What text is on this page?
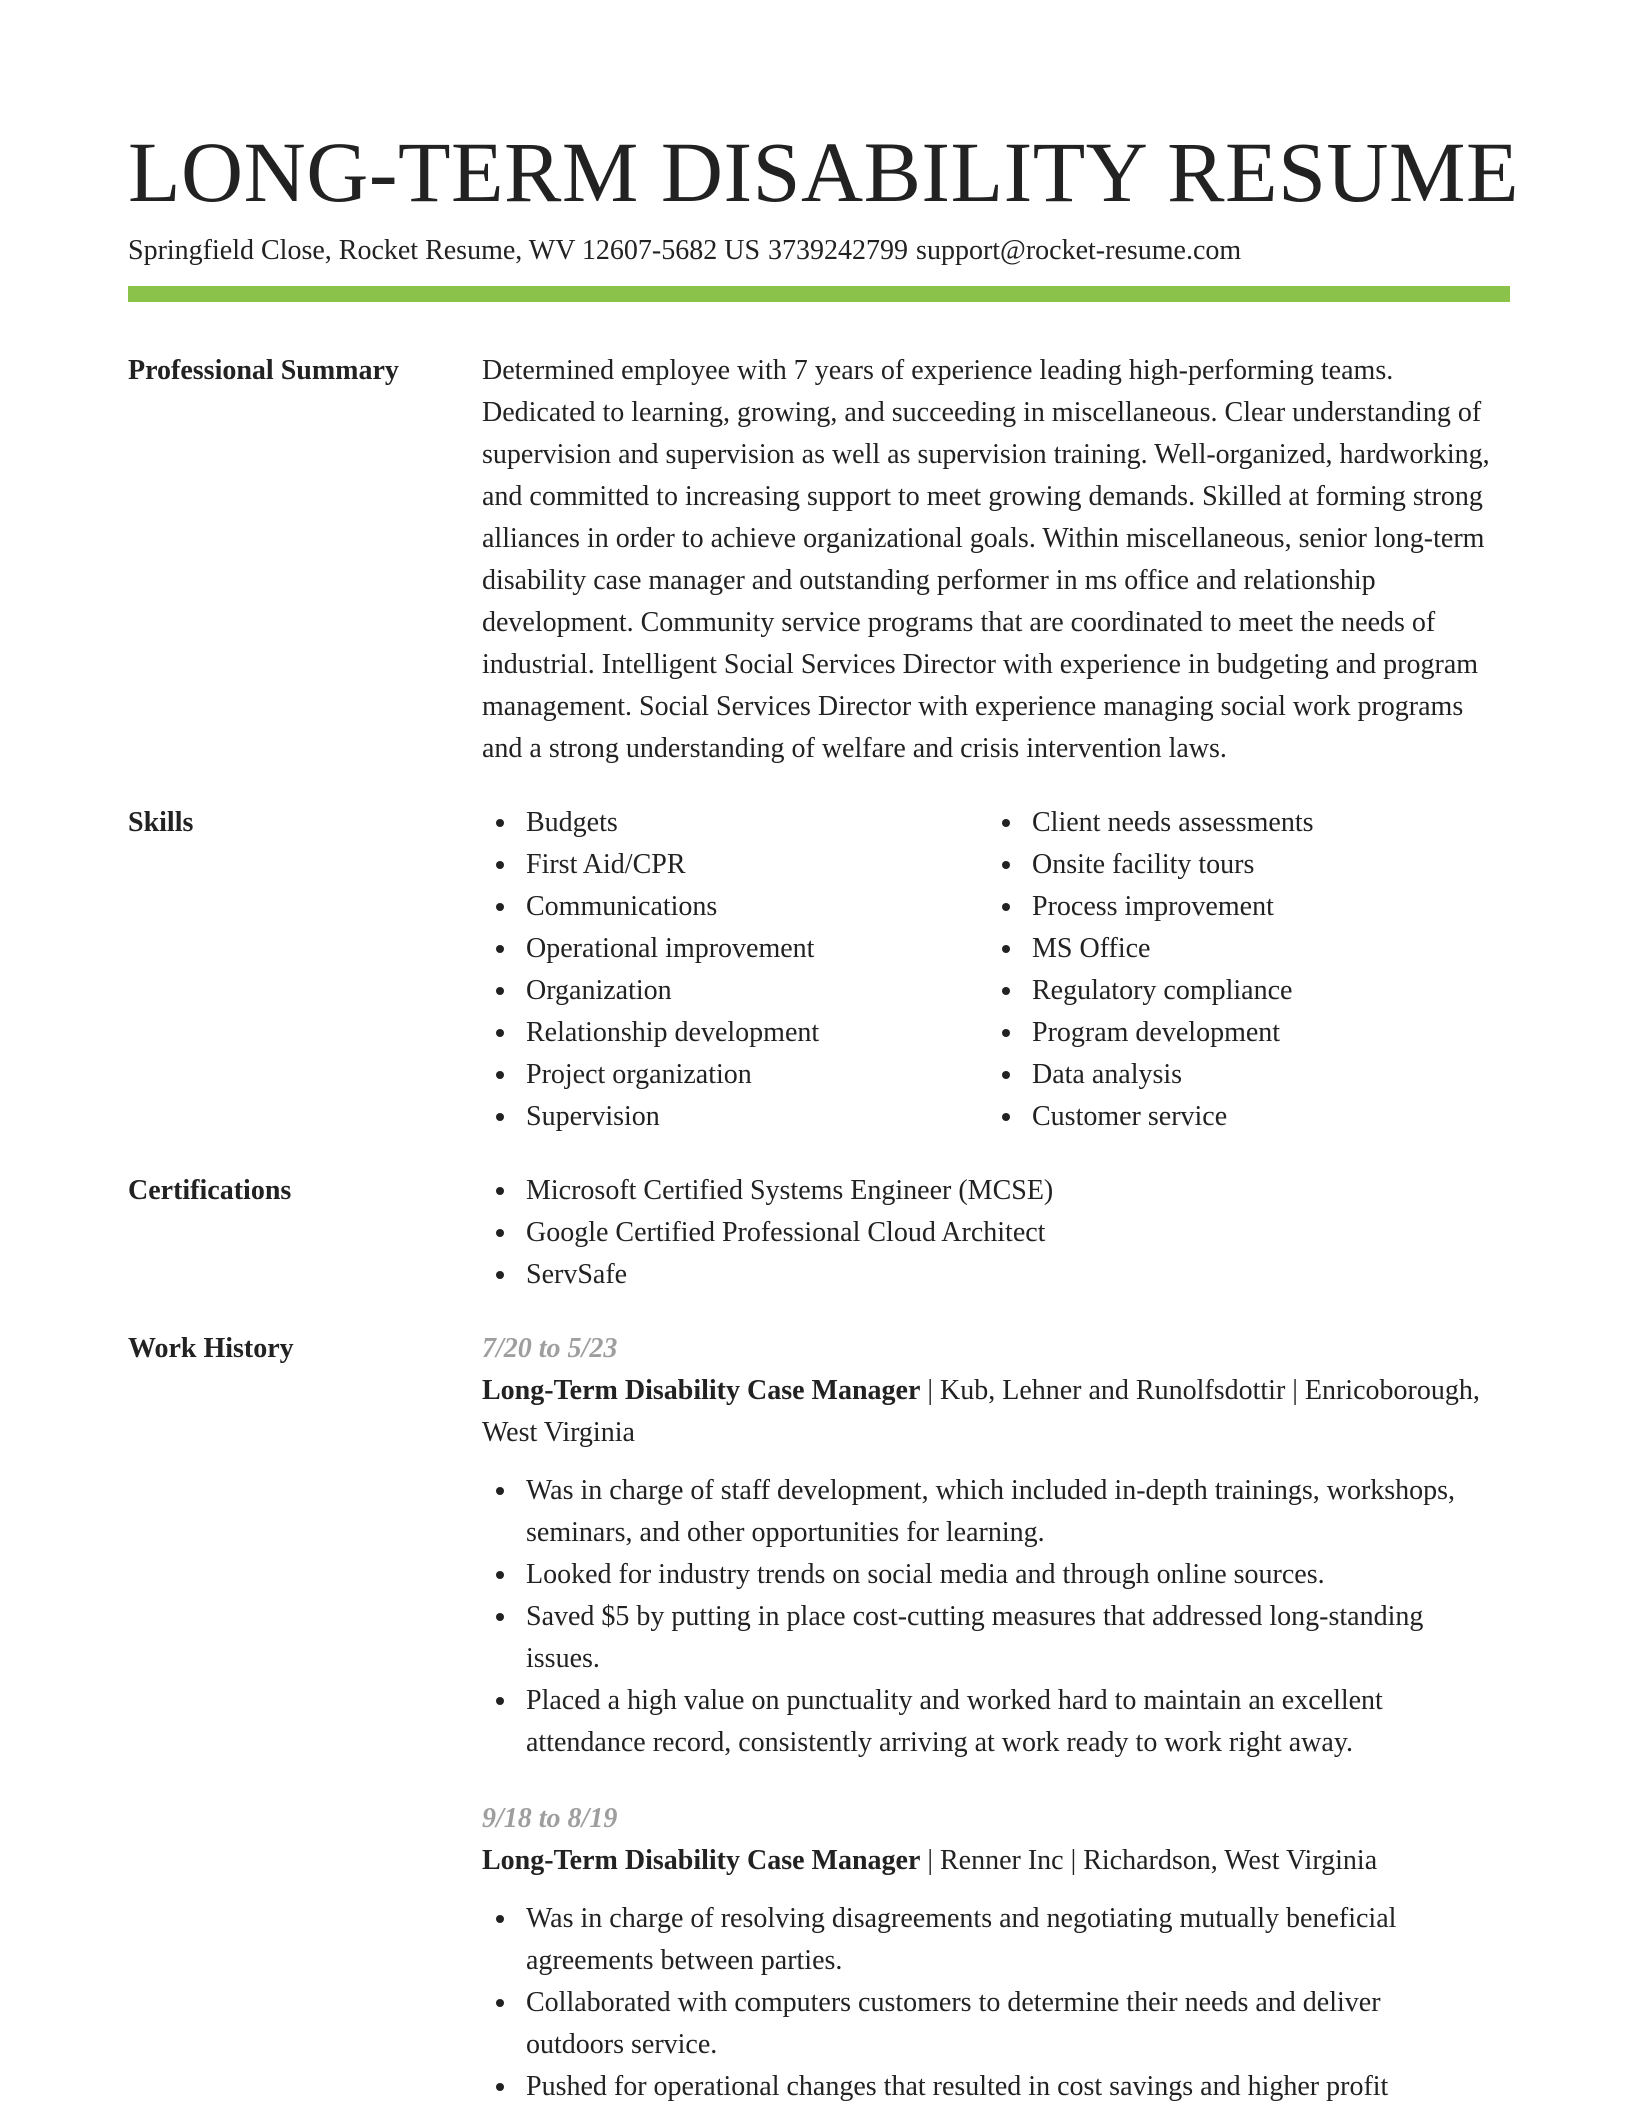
LONG-TERM DISABILITY RESUME
Springfield Close, Rocket Resume, WV 12607-5682 US 3739242799 support@rocket-resume.com
Professional Summary	Determined employee with 7 years of experience leading high-performing teams. Dedicated to learning, growing, and succeeding in miscellaneous. Clear understanding of supervision and supervision as well as supervision training. Well-organized, hardworking, and committed to increasing support to meet growing demands. Skilled at forming strong alliances in order to achieve organizational goals. Within miscellaneous, senior long-term disability case manager and outstanding performer in ms office and relationship development. Community service programs that are coordinated to meet the needs of industrial. Intelligent Social Services Director with experience in budgeting and program management. Social Services Director with experience managing social work programs and a strong understanding of welfare and crisis intervention laws.

Skills	Budgets
First Aid/CPR
Communications
Operational improvement
Organization
Relationship development
Project organization
Supervision
Client needs assessments
Onsite facility tours
Process improvement
MS Office
Regulatory compliance
Program development
Data analysis
Customer service
Certifications	Microsoft Certified Systems Engineer (MCSE)
Google Certified Professional Cloud Architect
ServSafe
Work History	7/20 to 5/23
Long-Term Disability Case Manager | Kub, Lehner and Runolfsdottir | Enricoborough, West Virginia
Was in charge of staff development, which included in-depth trainings, workshops, seminars, and other opportunities for learning.
Looked for industry trends on social media and through online sources.
Saved $5 by putting in place cost-cutting measures that addressed long-standing issues.
Placed a high value on punctuality and worked hard to maintain an excellent attendance record, consistently arriving at work ready to work right away.
9/18 to 8/19
Long-Term Disability Case Manager | Renner Inc | Richardson, West Virginia
Was in charge of resolving disagreements and negotiating mutually beneficial agreements between parties.
Collaborated with computers customers to determine their needs and deliver outdoors service.
Pushed for operational changes that resulted in cost savings and higher profit
